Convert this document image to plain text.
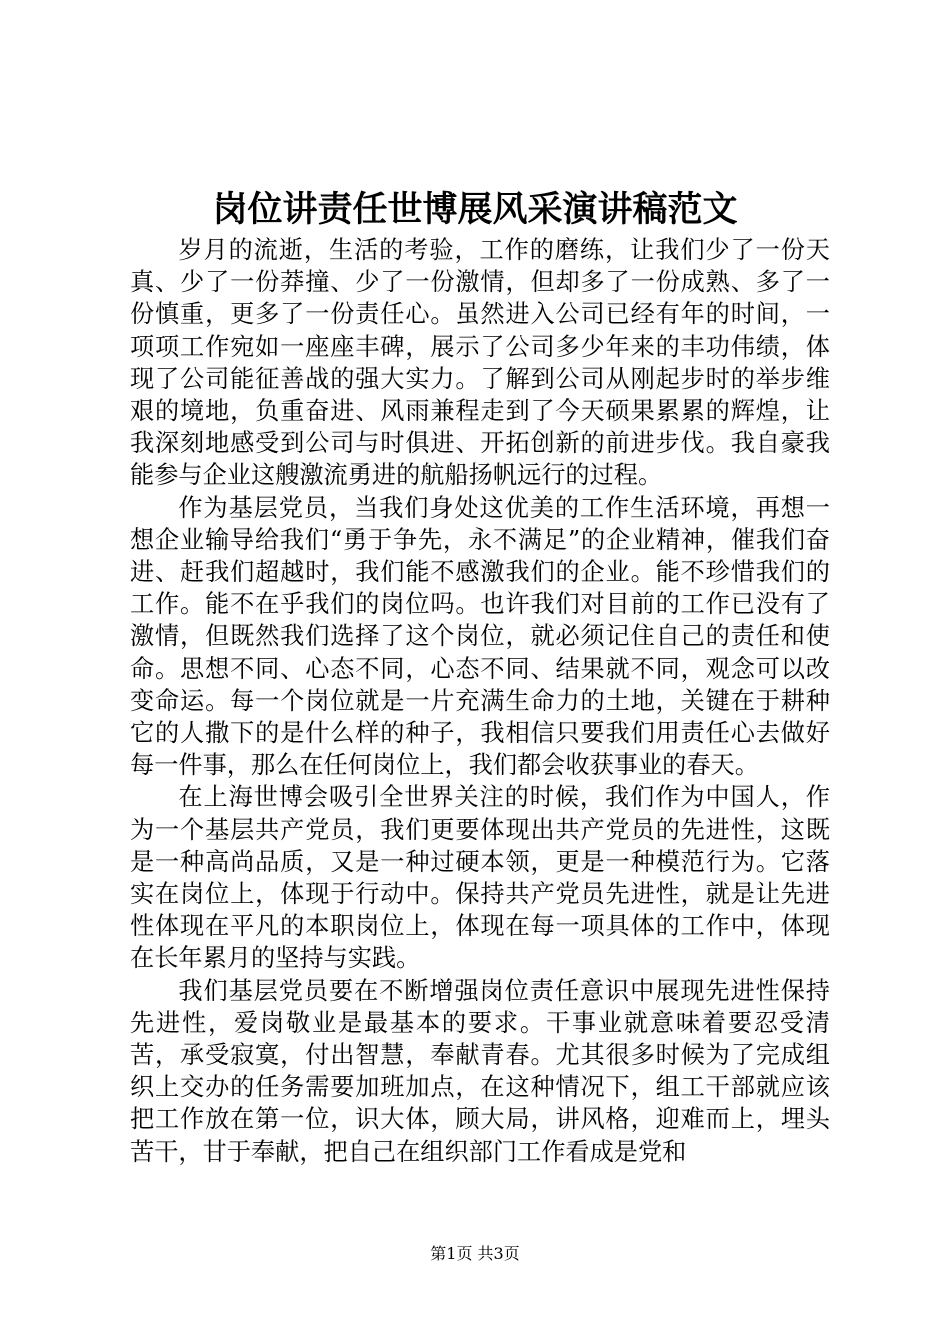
岗位讲责任世博展风采演讲稿范文

岁月的流逝，生活的考验，工作的磨练，让我们少了一份天真、少了一份莽撞、少了一份激情，但却多了一份成熟、多了一份慎重，更多了一份责任心。虽然进入公司已经有年的时间，一项项工作宛如一座座丰碑，展示了公司多少年来的丰功伟绩，体现了公司能征善战的强大实力。了解到公司从刚起步时的举步维艰的境地，负重奋进、风雨兼程走到了今天硕果累累的辉煌，让我深刻地感受到公司与时俱进、开拓创新的前进步伐。我自豪我能参与企业这艘激流勇进的航船扬帆远行的过程。

作为基层党员，当我们身处这优美的工作生活环境，再想一想企业输导给我们“勇于争先，永不满足”的企业精神，催我们奋进、赶我们超越时，我们能不感激我们的企业。能不珍惜我们的工作。能不在乎我们的岗位吗。也许我们对目前的工作已没有了激情，但既然我们选择了这个岗位，就必须记住自己的责任和使命。思想不同、心态不同，心态不同、结果就不同，观念可以改变命运。每一个岗位就是一片充满生命力的土地，关键在于耕种它的人撒下的是什么样的种子，我相信只要我们用责任心去做好每一件事，那么在任何岗位上，我们都会收获事业的春天。

在上海世博会吸引全世界关注的时候，我们作为中国人，作为一个基层共产党员，我们更要体现出共产党员的先进性，这既是一种高尚品质，又是一种过硬本领，更是一种模范行为。它落实在岗位上，体现于行动中。保持共产党员先进性，就是让先进性体现在平凡的本职岗位上，体现在每一项具体的工作中，体现在长年累月的坚持与实践。

我们基层党员要在不断增强岗位责任意识中展现先进性保持先进性，爱岗敬业是最基本的要求。干事业就意味着要忍受清苦，承受寂寞，付出智慧，奉献青春。尤其很多时候为了完成组织上交办的任务需要加班加点，在这种情况下，组工干部就应该把工作放在第一位，识大体，顾大局，讲风格，迎难而上，埋头苦干，甘于奉献，把自己在组织部门工作看成是党和

第1页 共3页
